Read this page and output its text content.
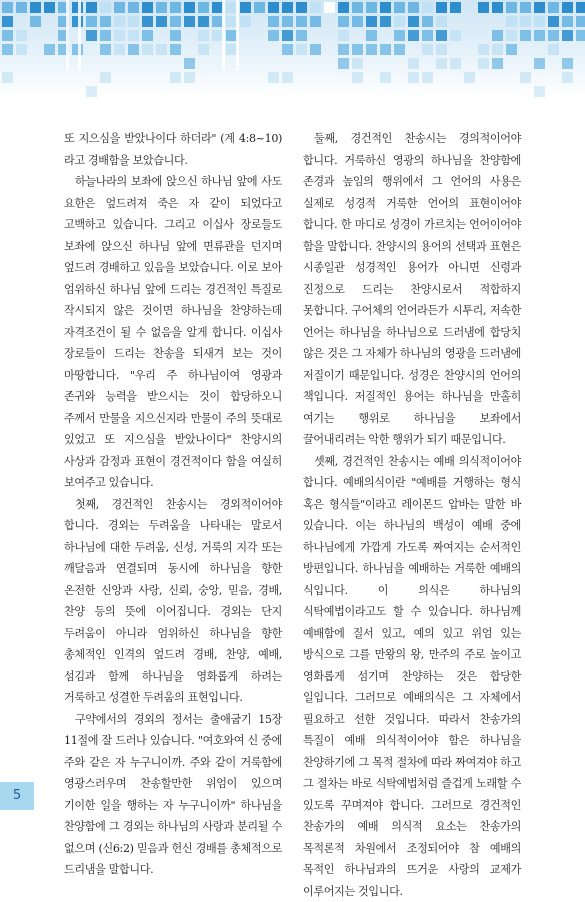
또 지으심을 받았나이다 하더라" (계 4:8~10)라고 경배함을 보았습니다.

하늘나라의 보좌에 앉으신 하나님 앞에 사도 요한은 엎드려져 죽은 자 같이 되었다고 고백하고 있습니다. 그리고 이십사 장로들도 보좌에 앉으신 하나님 앞에 면류관을 던지며 엎드려 경배하고 있음을 보았습니다. 이로 보아 엄위하신 하나님 앞에 드리는 경건적인 특질로 작시되지 않은 것이면 하나님을 찬양하는데 자격조건이 될 수 없음을 알게 합니다. 이십사 장로들이 드리는 찬송을 되새겨 보는 것이 마땅합니다. "우리 주 하나님이여 영광과 존귀와 능력을 받으시는 것이 합당하오니 주께서 만물을 지으신지라 만물이 주의 뜻대로 있었고 또 지으심을 받았나이다" 찬양시의 사상과 감정과 표현이 경건적이다 함을 여실히 보여주고 있습니다.

첫째, 경건적인 찬송시는 경외적이어야 합니다. 경외는 두려움을 나타내는 말로서 하나님에 대한 두려움, 신성, 거룩의 지각 또는 깨달음과 연결되며 동시에 하나님을 향한 온전한 신앙과 사랑, 신뢰, 숭앙, 믿음, 경배, 찬양 등의 뜻에 이어집니다. 경외는 단지 두려움이 아니라 엄위하신 하나님을 향한 총체적인 인격의 엎드려 경배, 찬양, 예배, 섬김과 함께 하나님을 영화롭게 하려는 거룩하고 성결한 두려움의 표현입니다.

구약에서의 경외의 정서는 출애굽기 15장 11절에 잘 드러나 있습니다. "여호와여 신 중에 주와 같은 자 누구니이까. 주와 같이 거룩함에 영광스러우며 찬송할만한 위엄이 있으며 기이한 일을 행하는 자 누구니이까" 하나님을 찬양함에 그 경외는 하나님의 사랑과 분리될 수 없으며 (신6:2) 믿음과 헌신 경배를 총체적으로 드리냄을 말합니다.

둘째, 경건적인 찬송시는 경의적이어야 합니다. 거룩하신 영광의 하나님을 찬양함에 존경과 높임의 행위에서 그 언어의 사용은 실제로 성경적 거룩한 언어의 표현이어야 합니다. 한 마디로 성경이 가르치는 언어이어야 함을 말합니다. 찬양시의 용어의 선택과 표현은 시종일관 성경적인 용어가 아니면 신령과 진정으로 드리는 찬양시로서 적합하지 못합니다. 구어체의 언어라든가 시투리, 저속한 언어는 하나님을 하나님으로 드러냄에 합당치 않은 것은 그 자체가 하나님의 영광을 드러냄에 저질이기 때문입니다. 성경은 찬양시의 언어의 책입니다. 저질적인 용어는 하나님을 만홀히 여기는 행위로 하나님을 보좌에서 끌어내리려는 악한 행위가 되기 때문입니다.

셋째, 경건적인 찬송시는 예배 의식적이어야 합니다. 예배의식이란 "예배를 거행하는 형식 혹은 형식들"이라고 레이몬드 압바는 말한 바 있습니다. 이는 하나님의 백성이 예배 중에 하나님에게 가깝게 가도록 짜여지는 순서적인 방편입니다. 하나님을 예배하는 거룩한 예배의 식입니다. 이 의식은 하나님의 식탁예법이라고도 할 수 있습니다. 하나님께 예배함에 질서 있고, 예의 있고 위엄 있는 방식으로 그를 만왕의 왕, 만주의 주로 높이고 영화롭게 섬기며 찬양하는 것은 합당한 일입니다. 그러므로 예배의식은 그 자체에서 필요하고 선한 것입니다. 따라서 찬송가의 특질이 예배 의식적이어야 함은 하나님을 찬양하기에 그 목적 절차에 따라 짜여져야 하고 그 절차는 바로 식탁예법처럼 즐겁게 노래할 수 있도록 꾸며져야 합니다. 그러므로 경건적인 찬송가의 예배 의식적 요소는 찬송가의 목적론적 차원에서 조정되어야 참 예배의 목적인 하나님과의 뜨거운 사랑의 교제가 이루어지는 것입니다.

5
